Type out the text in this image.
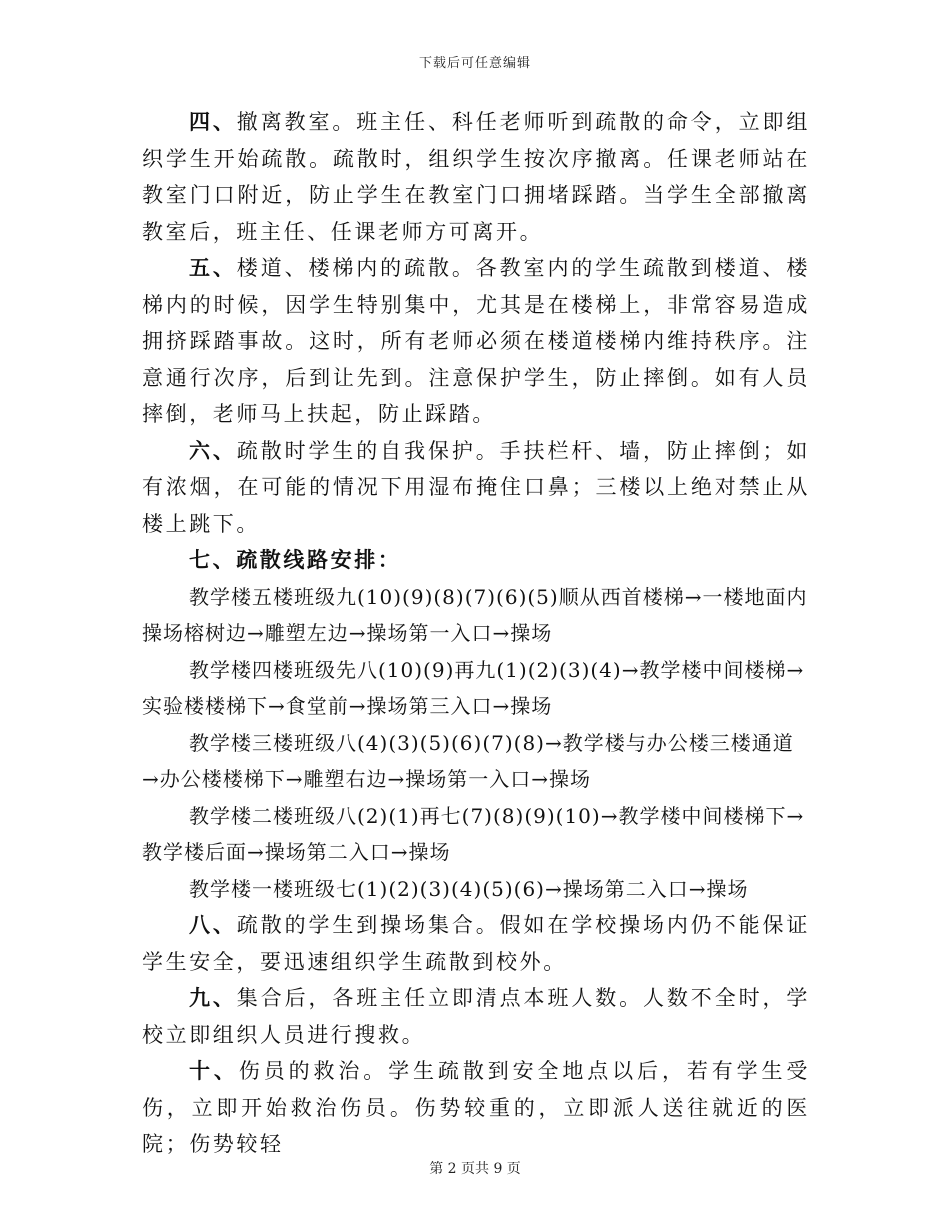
下载后可任意编辑

四、撤离教室。班主任、科任老师听到疏散的命令，立即组织学生开始疏散。疏散时，组织学生按次序撤离。任课老师站在教室门口附近，防止学生在教室门口拥堵踩踏。当学生全部撤离教室后，班主任、任课老师方可离开。

五、楼道、楼梯内的疏散。各教室内的学生疏散到楼道、楼梯内的时候，因学生特别集中，尤其是在楼梯上，非常容易造成拥挤踩踏事故。这时，所有老师必须在楼道楼梯内维持秩序。注意通行次序，后到让先到。注意保护学生，防止摔倒。如有人员摔倒，老师马上扶起，防止踩踏。

六、疏散时学生的自我保护。手扶栏杆、墙，防止摔倒；如有浓烟，在可能的情况下用湿布掩住口鼻；三楼以上绝对禁止从楼上跳下。

七、疏散线路安排：

教学楼五楼班级九(10)(9)(8)(7)(6)(5)顺从西首楼梯→一楼地面内操场榕树边→雕塑左边→操场第一入口→操场

教学楼四楼班级先八(10)(9)再九(1)(2)(3)(4)→教学楼中间楼梯→实验楼楼梯下→食堂前→操场第三入口→操场

教学楼三楼班级八(4)(3)(5)(6)(7)(8)→教学楼与办公楼三楼通道→办公楼楼梯下→雕塑右边→操场第一入口→操场

教学楼二楼班级八(2)(1)再七(7)(8)(9)(10)→教学楼中间楼梯下→教学楼后面→操场第二入口→操场

教学楼一楼班级七(1)(2)(3)(4)(5)(6)→操场第二入口→操场

八、疏散的学生到操场集合。假如在学校操场内仍不能保证学生安全，要迅速组织学生疏散到校外。

九、集合后，各班主任立即清点本班人数。人数不全时，学校立即组织人员进行搜救。

十、伤员的救治。学生疏散到安全地点以后，若有学生受伤，立即开始救治伤员。伤势较重的，立即派人送往就近的医院；伤势较轻

第 2 页共 9 页
